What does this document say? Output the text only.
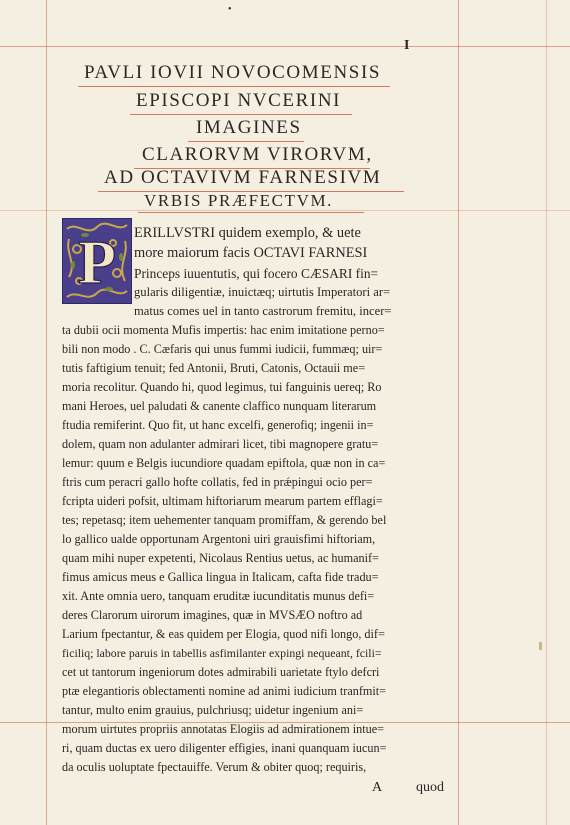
•
I
PAVLI IOVII NOVOCOMENSIS
EPISCOPI NVCERINI
IMAGINES
CLARORVM VIRORVM,
AD OCTAVIVM FARNESIVM
VRBIS PRÆFECTVM.
P ERILLVSTRI quidem exemplo, & uete
more maiorum facis OCTAVI FARNESI
Princeps iuuentutis, qui focero CÆSARI fin=
gularis diligentiæ, inuictæq; uirtutis Imperatori ar=
matus comes uel in tanto castrorum fremitu, incer=
ta dubii ocii momenta Mufis impertis: hac enim imitatione perno=
bili non modo . C. Cæfaris qui unus fummi iudicii, fummæq; uir=
tutis faftigium tenuit; fed Antonii, Bruti, Catonis, Octauii me=
moria recolitur. Quando hi, quod legimus, tui fanguinis uereq; Ro
mani Heroes, uel paludati & canente claffico nunquam literarum
ftudia remiferint. Quo fit, ut hanc excelfi, generofiq; ingenii in=
dolem, quam non adulanter admirari licet, tibi magnopere gratu=
lemur: quum e Belgis iucundiore quadam epiftola, quæ non in ca=
ftris cum peracri gallo hofte collatis, fed in prǽpingui ocio per=
fcripta uideri pofsit, ultimam hiftoriarum mearum partem efflagi=
tes; repetasq; item uehementer tanquam promiffam, & gerendo bel
lo gallico ualde opportunam Argentoni uiri grauisfimi hiftoriam,
quam mihi nuper expetenti, Nicolaus Rentius uetus, ac humanif=
fimus amicus meus e Gallica lingua in Italicam, cafta fide tradu=
xit. Ante omnia uero, tanquam eruditæ iucunditatis munus defi=
deres Clarorum uirorum imagines, quæ in MVSÆO noftro ad
Larium fpectantur, & eas quidem per Elogia, quod nifi longo, dif=
ficiliq; labore paruis in tabellis asfimilanter expingi nequeant, fcili=
cet ut tantorum ingeniorum dotes admirabili uarietate ftylo defcri
ptæ elegantioris oblectamenti nomine ad animi iudicium tranfmit=
tantur, multo enim grauius, pulchriusq; uidetur ingenium ani=
morum uirtutes propriis annotatas Elogiis ad admirationem intue=
ri, quam ductas ex uero diligenter effigies, inani quanquam iucun=
da oculis uoluptate fpectauiffe. Verum & obiter quoq; requiris,
A quod
